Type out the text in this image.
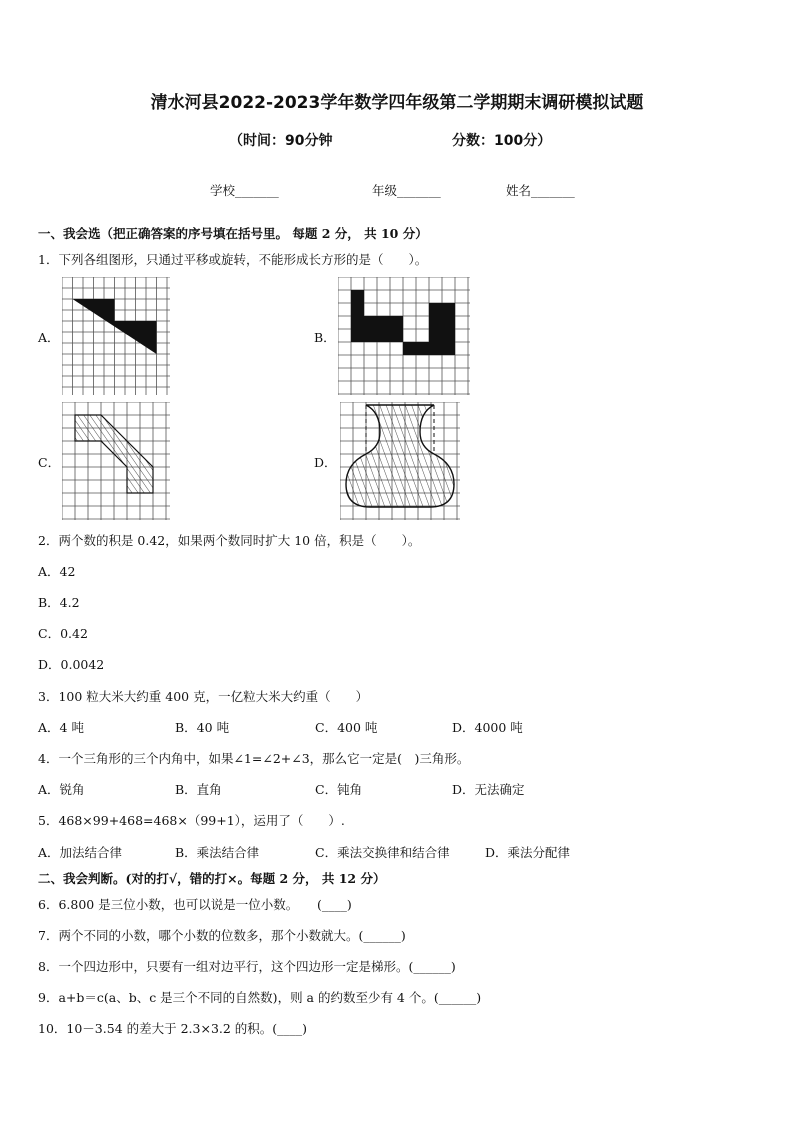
清水河县2022-2023学年数学四年级第二学期期末调研模拟试题
（时间：90分钟	分数：100分）
学校_______	年级_______	姓名_______
一、我会选（把正确答案的序号填在括号里。 每题 2 分， 共 10 分）
1．下列各组图形，只通过平移或旋转，不能形成长方形的是（　　）。
A．	B．
C．	D．
2．两个数的积是 0.42，如果两个数同时扩大 10 倍，积是（　　）。
A．42
B．4.2
C．0.42
D．0.0042
3．100 粒大米大约重 400 克，一亿粒大米大约重（　　）
A．4 吨	B．40 吨	C．400 吨	D．4000 吨
4．一个三角形的三个内角中，如果∠1=∠2+∠3，那么它一定是(　)三角形。
A．锐角	B．直角	C．钝角	D．无法确定
5．468×99+468=468×（99+1），运用了（　　）.
A．加法结合律	B．乘法结合律	C．乘法交换律和结合律	D．乘法分配律
二、我会判断。(对的打√，错的打×。每题 2 分， 共 12 分）
6．6.800 是三位小数，也可以说是一位小数。　　(____)
7．两个不同的小数，哪个小数的位数多，那个小数就大。(______)
8．一个四边形中，只要有一组对边平行，这个四边形一定是梯形。(______)
9．a+b＝c(a、b、c 是三个不同的自然数)，则 a 的约数至少有 4 个。(______)
10．10－3.54 的差大于 2.3×3.2 的积。(____)
